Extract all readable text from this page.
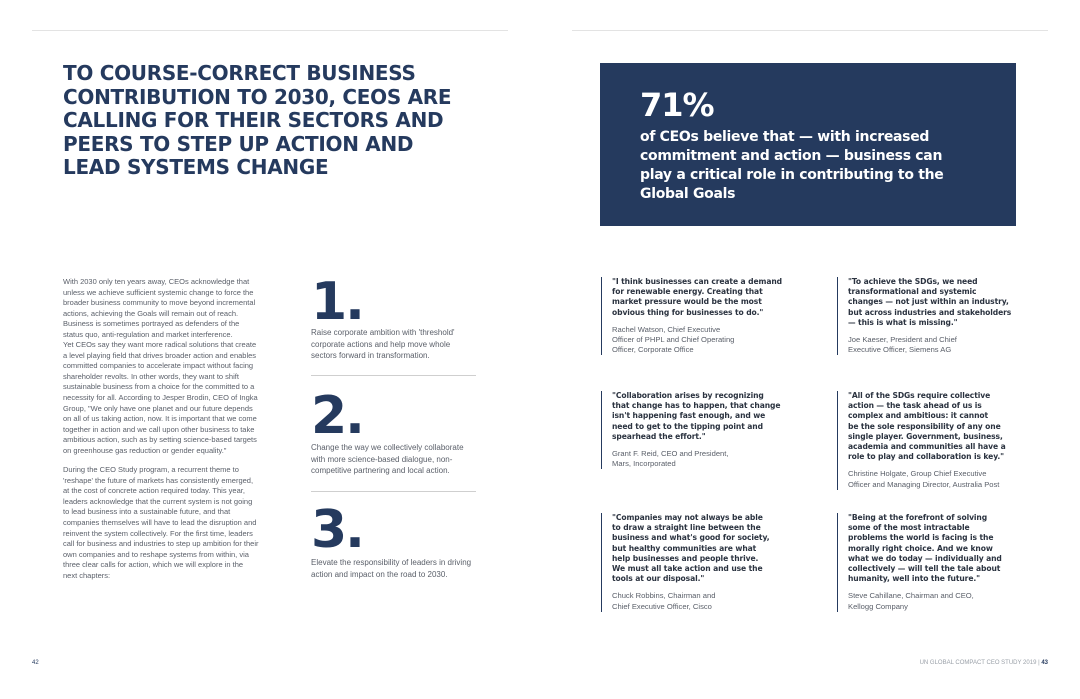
TO COURSE-CORRECT BUSINESS
CONTRIBUTION TO 2030, CEOS ARE
CALLING FOR THEIR SECTORS AND
PEERS TO STEP UP ACTION AND
LEAD SYSTEMS CHANGE
71%
of CEOs believe that — with increased
commitment and action — business can
play a critical role in contributing to the
Global Goals

With 2030 only ten years away, CEOs acknowledge that
unless we achieve sufficient systemic change to force the
broader business community to move beyond incremental
actions, achieving the Goals will remain out of reach.
Business is sometimes portrayed as defenders of the
status quo, anti-regulation and market interference.
Yet CEOs say they want more radical solutions that create
a level playing field that drives broader action and enables
committed companies to accelerate impact without facing
shareholder revolts. In other words, they want to shift
sustainable business from a choice for the committed to a
necessity for all. According to Jesper Brodin, CEO of Ingka
Group, "We only have one planet and our future depends
on all of us taking action, now. It is important that we come
together in action and we call upon other business to take
ambitious action, such as by setting science-based targets
on greenhouse gas reduction or gender equality."

During the CEO Study program, a recurrent theme to
'reshape' the future of markets has consistently emerged,
at the cost of concrete action required today. This year,
leaders acknowledge that the current system is not going
to lead business into a sustainable future, and that
companies themselves will have to lead the disruption and
reinvent the system collectively. For the first time, leaders
call for business and industries to step up ambition for their
own companies and to reshape systems from within, via
three clear calls for action, which we will explore in the
next chapters:

1.
Raise corporate ambition with 'threshold'
corporate actions and help move whole
sectors forward in transformation.
2.
Change the way we collectively collaborate
with more science-based dialogue, non-
competitive partnering and local action.
3.
Elevate the responsibility of leaders in driving
action and impact on the road to 2030.
"I think businesses can create a demand
for renewable energy. Creating that
market pressure would be the most
obvious thing for businesses to do."
Rachel Watson, Chief Executive
Officer of PHPL and Chief Operating
Officer, Corporate Office
"To achieve the SDGs, we need
transformational and systemic
changes — not just within an industry,
but across industries and stakeholders
— this is what is missing."
Joe Kaeser, President and Chief
Executive Officer, Siemens AG
"Collaboration arises by recognizing
that change has to happen, that change
isn't happening fast enough, and we
need to get to the tipping point and
spearhead the effort."
Grant F. Reid, CEO and President,
Mars, Incorporated
"All of the SDGs require collective
action — the task ahead of us is
complex and ambitious: it cannot
be the sole responsibility of any one
single player. Government, business,
academia and communities all have a
role to play and collaboration is key."
Christine Holgate, Group Chief Executive
Officer and Managing Director, Australia Post
"Companies may not always be able
to draw a straight line between the
business and what's good for society,
but healthy communities are what
help businesses and people thrive.
We must all take action and use the
tools at our disposal."
Chuck Robbins, Chairman and
Chief Executive Officer, Cisco
"Being at the forefront of solving
some of the most intractable
problems the world is facing is the
morally right choice. And we know
what we do today — individually and
collectively — will tell the tale about
humanity, well into the future."
Steve Cahillane, Chairman and CEO,
Kellogg Company
42	UN GLOBAL COMPACT CEO STUDY 2019 | 43
